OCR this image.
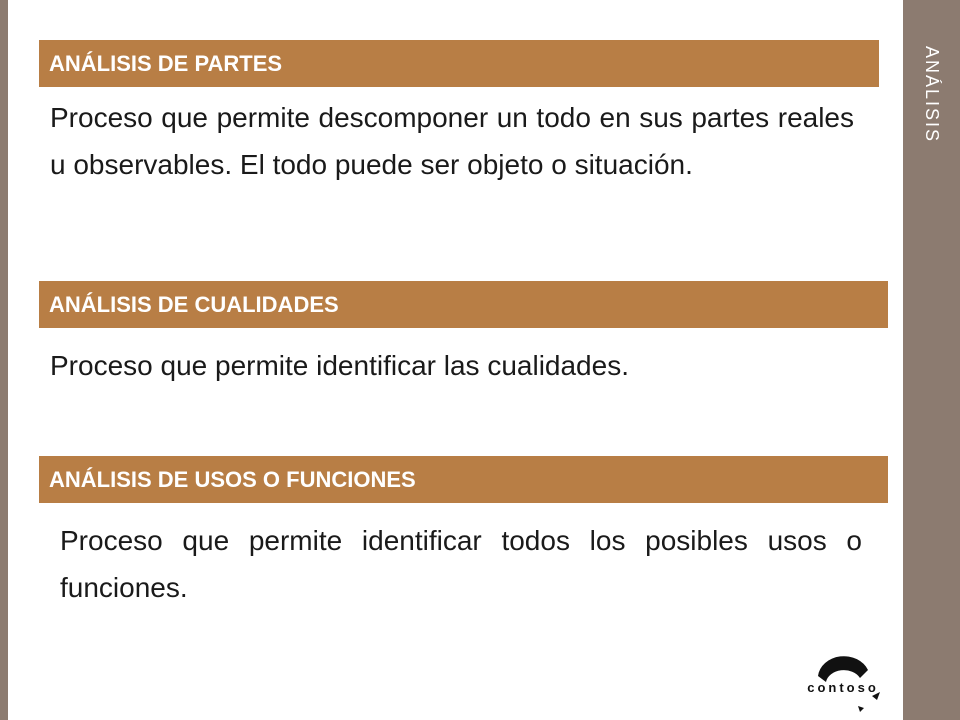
ANÁLISIS
ANÁLISIS DE PARTES
Proceso que permite descomponer un todo en sus partes reales u observables. El todo puede ser objeto o situación.
ANÁLISIS DE CUALIDADES
Proceso que permite identificar las cualidades.
ANÁLISIS DE USOS O FUNCIONES
Proceso que permite identificar todos los posibles usos o funciones.
contoso
